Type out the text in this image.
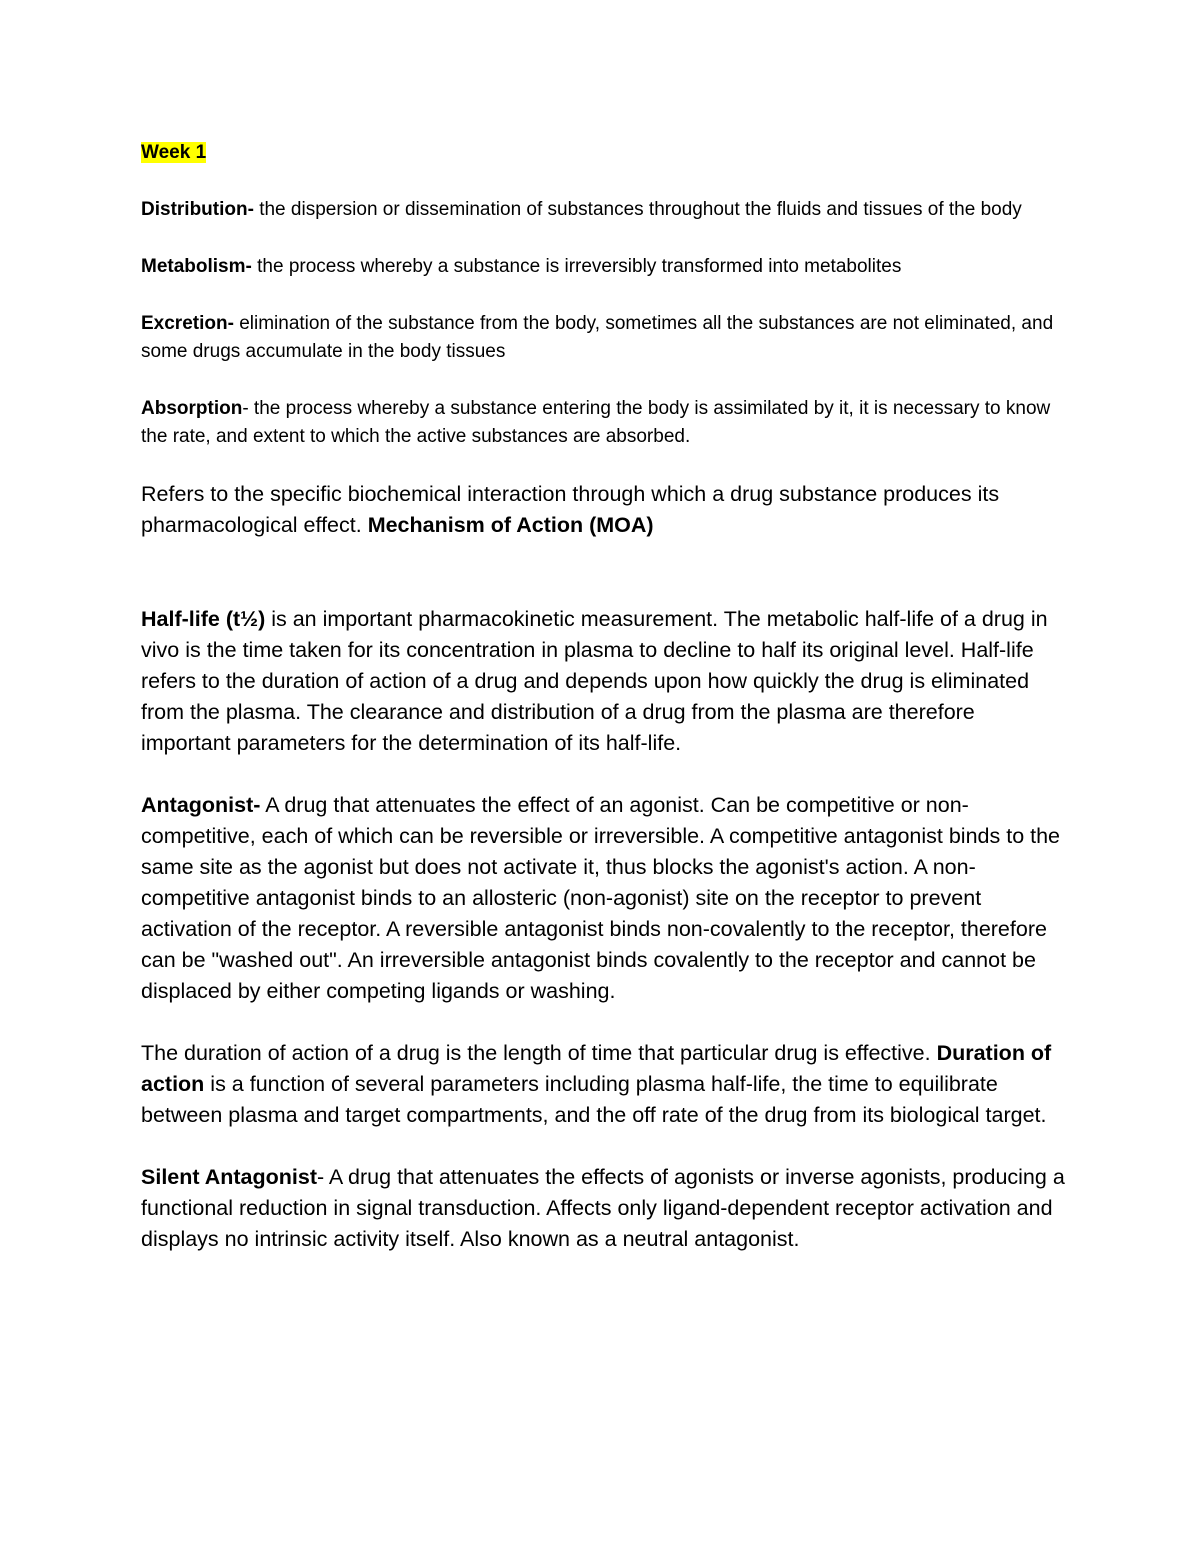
Week 1

Distribution- the dispersion or dissemination of substances throughout the fluids and tissues of the body

Metabolism- the process whereby a substance is irreversibly transformed into metabolites

Excretion- elimination of the substance from the body, sometimes all the substances are not eliminated, and some drugs accumulate in the body tissues

Absorption- the process whereby a substance entering the body is assimilated by it, it is necessary to know the rate, and extent to which the active substances are absorbed.

Refers to the specific biochemical interaction through which a drug substance produces its pharmacological effect. Mechanism of Action (MOA)

Half-life (t½) is an important pharmacokinetic measurement. The metabolic half-life of a drug in vivo is the time taken for its concentration in plasma to decline to half its original level. Half-life refers to the duration of action of a drug and depends upon how quickly the drug is eliminated from the plasma. The clearance and distribution of a drug from the plasma are therefore important parameters for the determination of its half-life.

Antagonist- A drug that attenuates the effect of an agonist. Can be competitive or non-competitive, each of which can be reversible or irreversible. A competitive antagonist binds to the same site as the agonist but does not activate it, thus blocks the agonist's action. A non-competitive antagonist binds to an allosteric (non-agonist) site on the receptor to prevent activation of the receptor. A reversible antagonist binds non-covalently to the receptor, therefore can be "washed out". An irreversible antagonist binds covalently to the receptor and cannot be displaced by either competing ligands or washing.

The duration of action of a drug is the length of time that particular drug is effective. Duration of action is a function of several parameters including plasma half-life, the time to equilibrate between plasma and target compartments, and the off rate of the drug from its biological target.

Silent Antagonist- A drug that attenuates the effects of agonists or inverse agonists, producing a functional reduction in signal transduction. Affects only ligand-dependent receptor activation and displays no intrinsic activity itself. Also known as a neutral antagonist.
